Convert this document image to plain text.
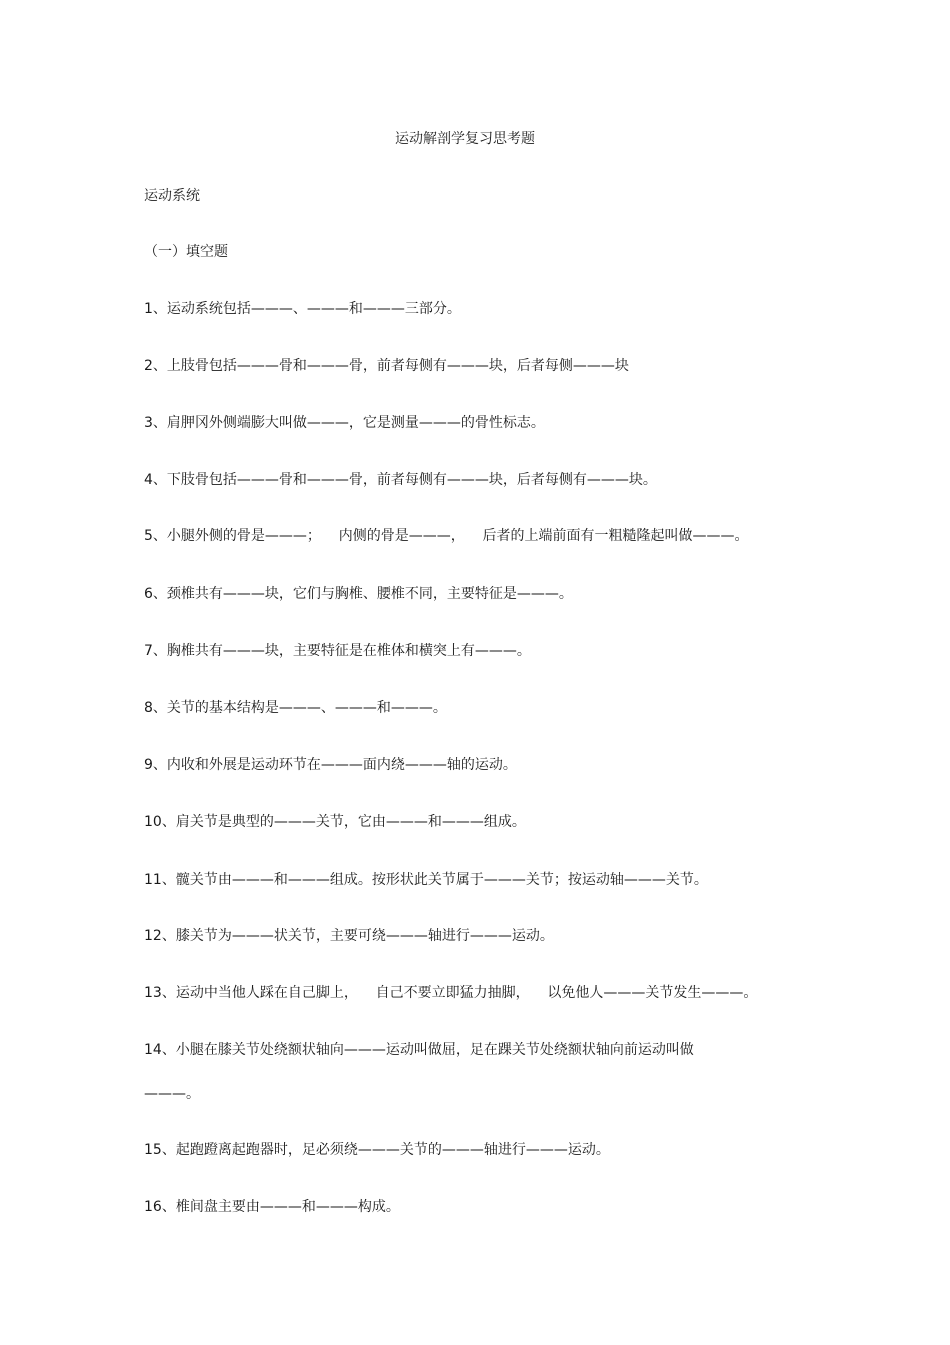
运动解剖学复习思考题
运动系统
（一）填空题
1、运动系统包括———、———和———三部分。
2、上肢骨包括———骨和———骨，前者每侧有———块，后者每侧———块
3、肩胛冈外侧端膨大叫做———，它是测量———的骨性标志。
4、下肢骨包括———骨和———骨，前者每侧有———块，后者每侧有———块。
5、小腿外侧的骨是———；    内侧的骨是———，    后者的上端前面有一粗糙隆起叫做———。
6、颈椎共有———块，它们与胸椎、腰椎不同，主要特征是———。
7、胸椎共有———块，主要特征是在椎体和横突上有———。
8、关节的基本结构是———、———和———。
9、内收和外展是运动环节在———面内绕———轴的运动。
10、肩关节是典型的———关节，它由———和———组成。
11、髋关节由———和———组成。按形状此关节属于———关节；按运动轴———关节。
12、膝关节为———状关节，主要可绕———轴进行———运动。
13、运动中当他人踩在自己脚上，    自己不要立即猛力抽脚，    以免他人———关节发生———。
14、小腿在膝关节处绕额状轴向———运动叫做屈，足在踝关节处绕额状轴向前运动叫做
———。
15、起跑蹬离起跑器时，足必须绕———关节的———轴进行———运动。
16、椎间盘主要由———和———构成。
